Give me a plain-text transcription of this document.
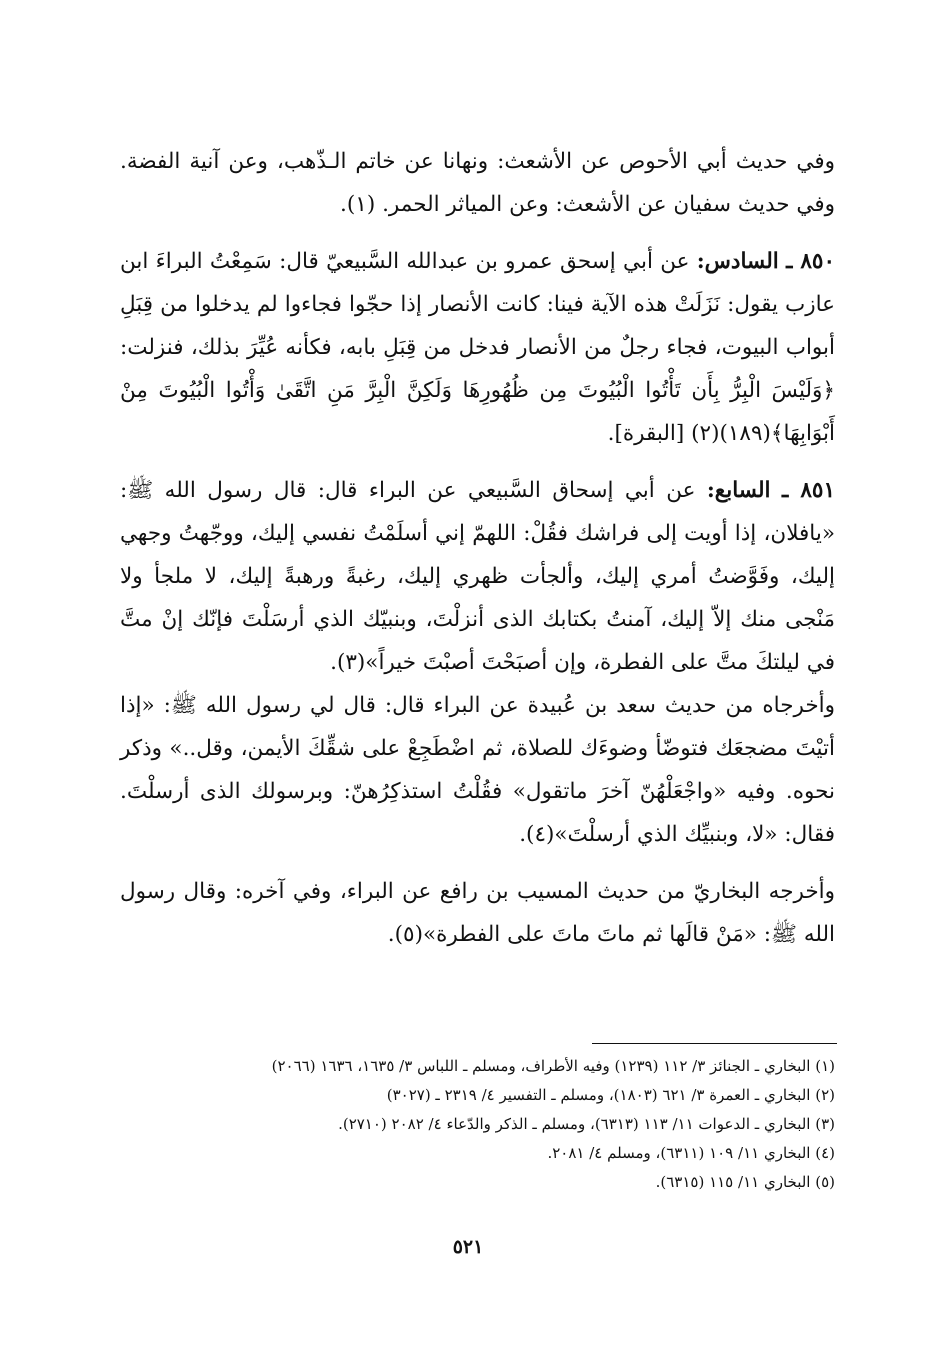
وفي حديث أبي الأحوص عن الأشعث: ونهانا عن خاتم الـذّهب، وعن آنية الفضة. وفي حديث سفيان عن الأشعث: وعن المياثر الحمر. (١).

٨٥٠ ـ السادس: عن أبي إسحق عمرو بن عبدالله السَّبيعيّ قال: سَمِعْتُ البراءَ ابن عازب يقول: نَزَلَتْ هذه الآية فينا: كانت الأنصار إذا حجّوا فجاءوا لم يدخلوا من قِبَلِ أبواب البيوت، فجاء رجلٌ من الأنصار فدخل من قِبَلِ بابه، فكأنه عُيِّرَ بذلك، فنزلت: ﴿وَلَيْسَ الْبِرُّ بِأَن تَأْتُوا الْبُيُوتَ مِن ظُهُورِهَا وَلَكِنَّ الْبِرَّ مَنِ اتَّقَىٰ وَأْتُوا الْبُيُوتَ مِنْ أَبْوَابِهَا﴾(١٨٩)(٢) [البقرة].

٨٥١ ـ السابع: عن أبي إسحاق السَّبيعي عن البراء قال: قال رسول الله ﷺ: «يافلان، إذا أويت إلى فراشك فقُلْ: اللهمّ إني أسلَمْتُ نفسي إليك، ووجّهتُ وجهي إليك، وفَوَّضتُ أمري إليك، وألجأت ظهري إليك، رغبةً ورهبةً إليك، لا ملجأ ولا مَنْجى منك إلاّ إليك، آمنتُ بكتابك الذى أنزلْتَ، وبنبيّك الذي أرسَلْتَ فإنّك إنْ متَّ في ليلتكَ متَّ على الفطرة، وإن أصبَحْتَ أصبْتَ خيراً»(٣).

وأخرجاه من حديث سعد بن عُبيدة عن البراء قال: قال لي رسول الله ﷺ: «إذا أتيْتَ مضجعَك فتوضّأ وضوءَك للصلاة، ثم اضْطَجِعْ على شقِّكَ الأيمن، وقل..» وذكر نحوه. وفيه «واجْعَلْهُنّ آخرَ ماتقول» فقُلْتُ استذكِرُهنّ: وبرسولك الذى أرسلْتَ. فقال: «لا، وبنبيِّك الذي أرسلْتَ»(٤).

وأخرجه البخاريّ من حديث المسيب بن رافع عن البراء، وفي آخره: وقال رسول الله ﷺ: «مَنْ قالَها ثم ماتَ ماتَ على الفطرة»(٥).

(١) البخاري ـ الجنائز ٣/ ١١٢ (١٢٣٩) وفيه الأطراف، ومسلم ـ اللباس ٣/ ١٦٣٥، ١٦٣٦ (٢٠٦٦)

(٢) البخاري ـ العمرة ٣/ ٦٢١ (١٨٠٣)، ومسلم ـ التفسير ٤/ ٢٣١٩ ـ (٣٠٢٧)

(٣) البخاري ـ الدعوات ١١/ ١١٣ (٦٣١٣)، ومسلم ـ الذكر والدّعاء ٤/ ٢٠٨٢ (٢٧١٠).

(٤) البخاري ١١/ ١٠٩ (٦٣١١)، ومسلم ٤/ ٢٠٨١.

(٥) البخاري ١١/ ١١٥ (٦٣١٥).

٥٢١
